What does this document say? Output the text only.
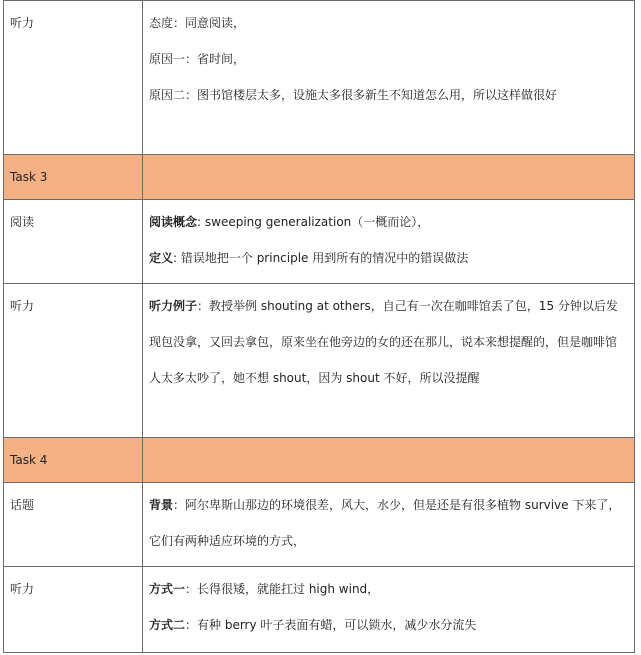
听力	态度：同意阅读，

原因一：省时间，

原因二：图书馆楼层太多，设施太多很多新生不知道怎么用，所以这样做很好

Task 3	

阅读	阅读概念: sweeping generalization（一概而论），

定义: 错误地把一个 principle 用到所有的情况中的错误做法

听力	听力例子：教授举例 shouting at others，自己有一次在咖啡馆丢了包，15 分钟以后发现包没拿，又回去拿包，原来坐在他旁边的女的还在那儿，说本来想提醒的，但是咖啡馆人太多太吵了，她不想 shout，因为 shout 不好，所以没提醒

Task 4	

话题	背景：阿尔卑斯山那边的环境很差，风大，水少，但是还是有很多植物 survive 下来了，它们有两种适应环境的方式，

听力	方式一：长得很矮，就能扛过 high wind，

方式二：有种 berry 叶子表面有蜡，可以锁水，减少水分流失
